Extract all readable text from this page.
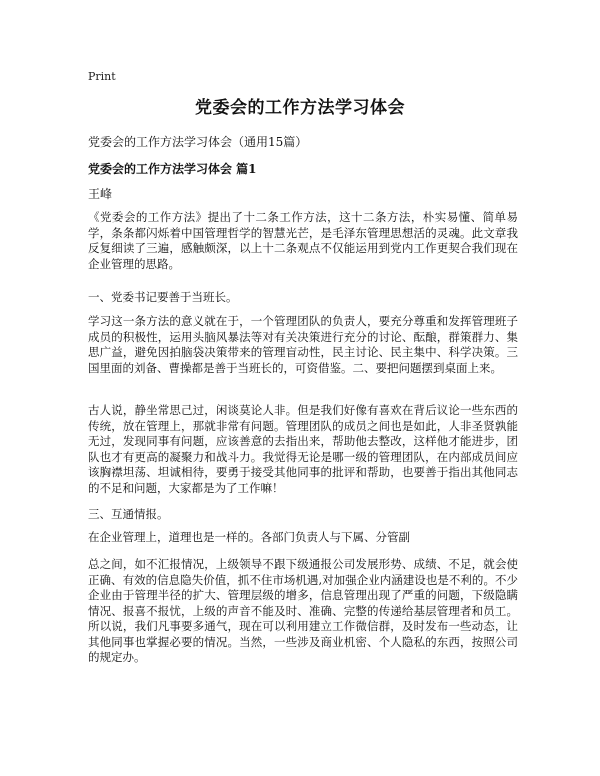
Print
党委会的工作方法学习体会
党委会的工作方法学习体会（通用15篇）
党委会的工作方法学习体会 篇1
王峰

《党委会的工作方法》提出了十二条工作方法，这十二条方法，朴实易懂、简单易学，条条都闪烁着中国管理哲学的智慧光芒，是毛泽东管理思想活的灵魂。此文章我反复细读了三遍，感触颇深，以上十二条观点不仅能运用到党内工作更契合我们现在企业管理的思路。

一、党委书记要善于当班长。

学习这一条方法的意义就在于，一个管理团队的负责人，要充分尊重和发挥管理班子成员的积极性，运用头脑风暴法等对有关决策进行充分的讨论、酝酿，群策群力、集思广益，避免因拍脑袋决策带来的管理盲动性，民主讨论、民主集中、科学决策。三国里面的刘备、曹操都是善于当班长的，可资借鉴。二、要把问题摆到桌面上来。

古人说，静坐常思己过，闲谈莫论人非。但是我们好像有喜欢在背后议论一些东西的传统，放在管理上，那就非常有问题。管理团队的成员之间也是如此，人非圣贤孰能无过，发现同事有问题，应该善意的去指出来，帮助他去整改，这样他才能进步，团队也才有更高的凝聚力和战斗力。我觉得无论是哪一级的管理团队，在内部成员间应该胸襟坦荡、坦诚相待，要勇于接受其他同事的批评和帮助，也要善于指出其他同志的不足和问题，大家都是为了工作嘛！

三、互通情报。

在企业管理上，道理也是一样的。各部门负责人与下属、分管副

总之间，如不汇报情况，上级领导不跟下级通报公司发展形势、成绩、不足，就会使正确、有效的信息隐失价值，抓不住市场机遇,对加强企业内涵建设也是不利的。不少企业由于管理半径的扩大、管理层级的增多，信息管理出现了严重的问题，下级隐瞒情况、报喜不报忧，上级的声音不能及时、准确、完整的传递给基层管理者和员工。所以说，我们凡事要多通气，现在可以利用建立工作微信群，及时发布一些动态，让其他同事也掌握必要的情况。当然，一些涉及商业机密、个人隐私的东西，按照公司的规定办。
